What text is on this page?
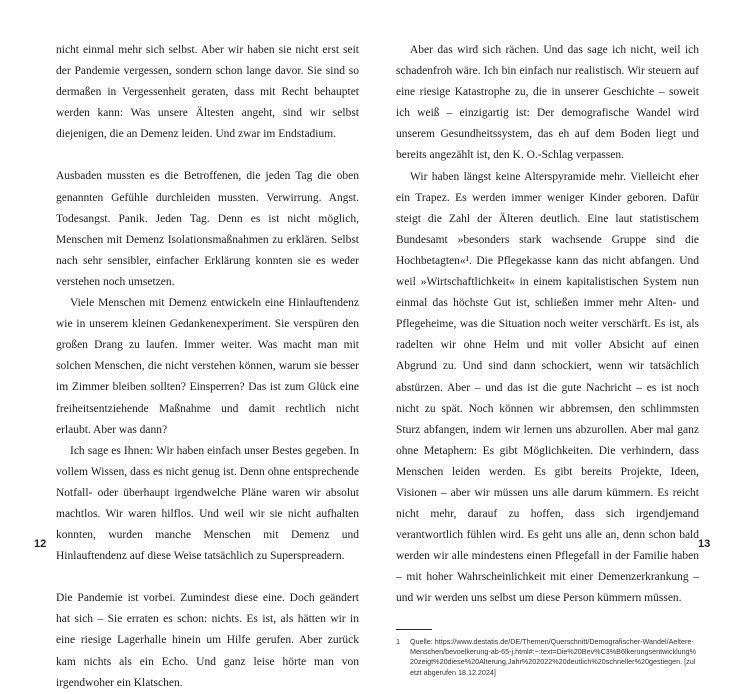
nicht einmal mehr sich selbst. Aber wir haben sie nicht erst seit der Pandemie vergessen, sondern schon lange davor. Sie sind so dermaßen in Vergessenheit geraten, dass mit Recht behauptet werden kann: Was unsere Ältesten angeht, sind wir selbst diejenigen, die an Demenz leiden. Und zwar im Endstadium.

Ausbaden mussten es die Betroffenen, die jeden Tag die oben genannten Gefühle durchleiden mussten. Verwirrung. Angst. Todesangst. Panik. Jeden Tag. Denn es ist nicht möglich, Menschen mit Demenz Isolationsmaßnahmen zu erklären. Selbst nach sehr sensibler, einfacher Erklärung konnten sie es weder verstehen noch umsetzen.

Viele Menschen mit Demenz entwickeln eine Hinlauftendenz wie in unserem kleinen Gedankenexperiment. Sie verspüren den großen Drang zu laufen. Immer weiter. Was macht man mit solchen Menschen, die nicht verstehen können, warum sie besser im Zimmer bleiben sollten? Einsperren? Das ist zum Glück eine freiheitsentziehende Maßnahme und damit rechtlich nicht erlaubt. Aber was dann?

Ich sage es Ihnen: Wir haben einfach unser Bestes gegeben. In vollem Wissen, dass es nicht genug ist. Denn ohne entsprechende Notfall- oder überhaupt irgendwelche Pläne waren wir absolut machtlos. Wir waren hilflos. Und weil wir sie nicht aufhalten konnten, wurden manche Menschen mit Demenz und Hinlauftendenz auf diese Weise tatsächlich zu Superspreadern.

Die Pandemie ist vorbei. Zumindest diese eine. Doch geändert hat sich – Sie erraten es schon: nichts. Es ist, als hätten wir in eine riesige Lagerhalle hinein um Hilfe gerufen. Aber zurück kam nichts als ein Echo. Und ganz leise hörte man von irgendwoher ein Klatschen.

Aber das wird sich rächen. Und das sage ich nicht, weil ich schadenfroh wäre. Ich bin einfach nur realistisch. Wir steuern auf eine riesige Katastrophe zu, die in unserer Geschichte – soweit ich weiß – einzigartig ist: Der demografische Wandel wird unserem Gesundheitssystem, das eh auf dem Boden liegt und bereits angezählt ist, den K. O.-Schlag verpassen.

Wir haben längst keine Alterspyramide mehr. Vielleicht eher ein Trapez. Es werden immer weniger Kinder geboren. Dafür steigt die Zahl der Älteren deutlich. Eine laut statistischem Bundesamt »besonders stark wachsende Gruppe sind die Hochbetagten«¹. Die Pflegekasse kann das nicht abfangen. Und weil »Wirtschaftlichkeit« in einem kapitalistischen System nun einmal das höchste Gut ist, schließen immer mehr Alten- und Pflegeheime, was die Situation noch weiter verschärft. Es ist, als radelten wir ohne Helm und mit voller Absicht auf einen Abgrund zu. Und sind dann schockiert, wenn wir tatsächlich abstürzen. Aber – und das ist die gute Nachricht – es ist noch nicht zu spät. Noch können wir abbremsen, den schlimmsten Sturz abfangen, indem wir lernen uns abzurollen. Aber mal ganz ohne Metaphern: Es gibt Möglichkeiten. Die verhindern, dass Menschen leiden werden. Es gibt bereits Projekte, Ideen, Visionen – aber wir müssen uns alle darum kümmern. Es reicht nicht mehr, darauf zu hoffen, dass sich irgendjemand verantwortlich fühlen wird. Es geht uns alle an, denn schon bald werden wir alle mindestens einen Pflegefall in der Familie haben – mit hoher Wahrscheinlichkeit mit einer Demenzerkrankung – und wir werden uns selbst um diese Person kümmern müssen.

1	Quelle: https://www.destatis.de/DE/Themen/Querschnitt/Demografischer-Wandel/Aeltere-Menschen/bevoelkerung-ab-65-j.html#:~:text=Die%20Bev%C3%B6lkerungsentwicklung%20zeigt%20diese%20Alterung,Jahr%202022%20deutlich%20schneller%20gestiegen. [zuletzt abgerufen 18.12.2024]
12	13
